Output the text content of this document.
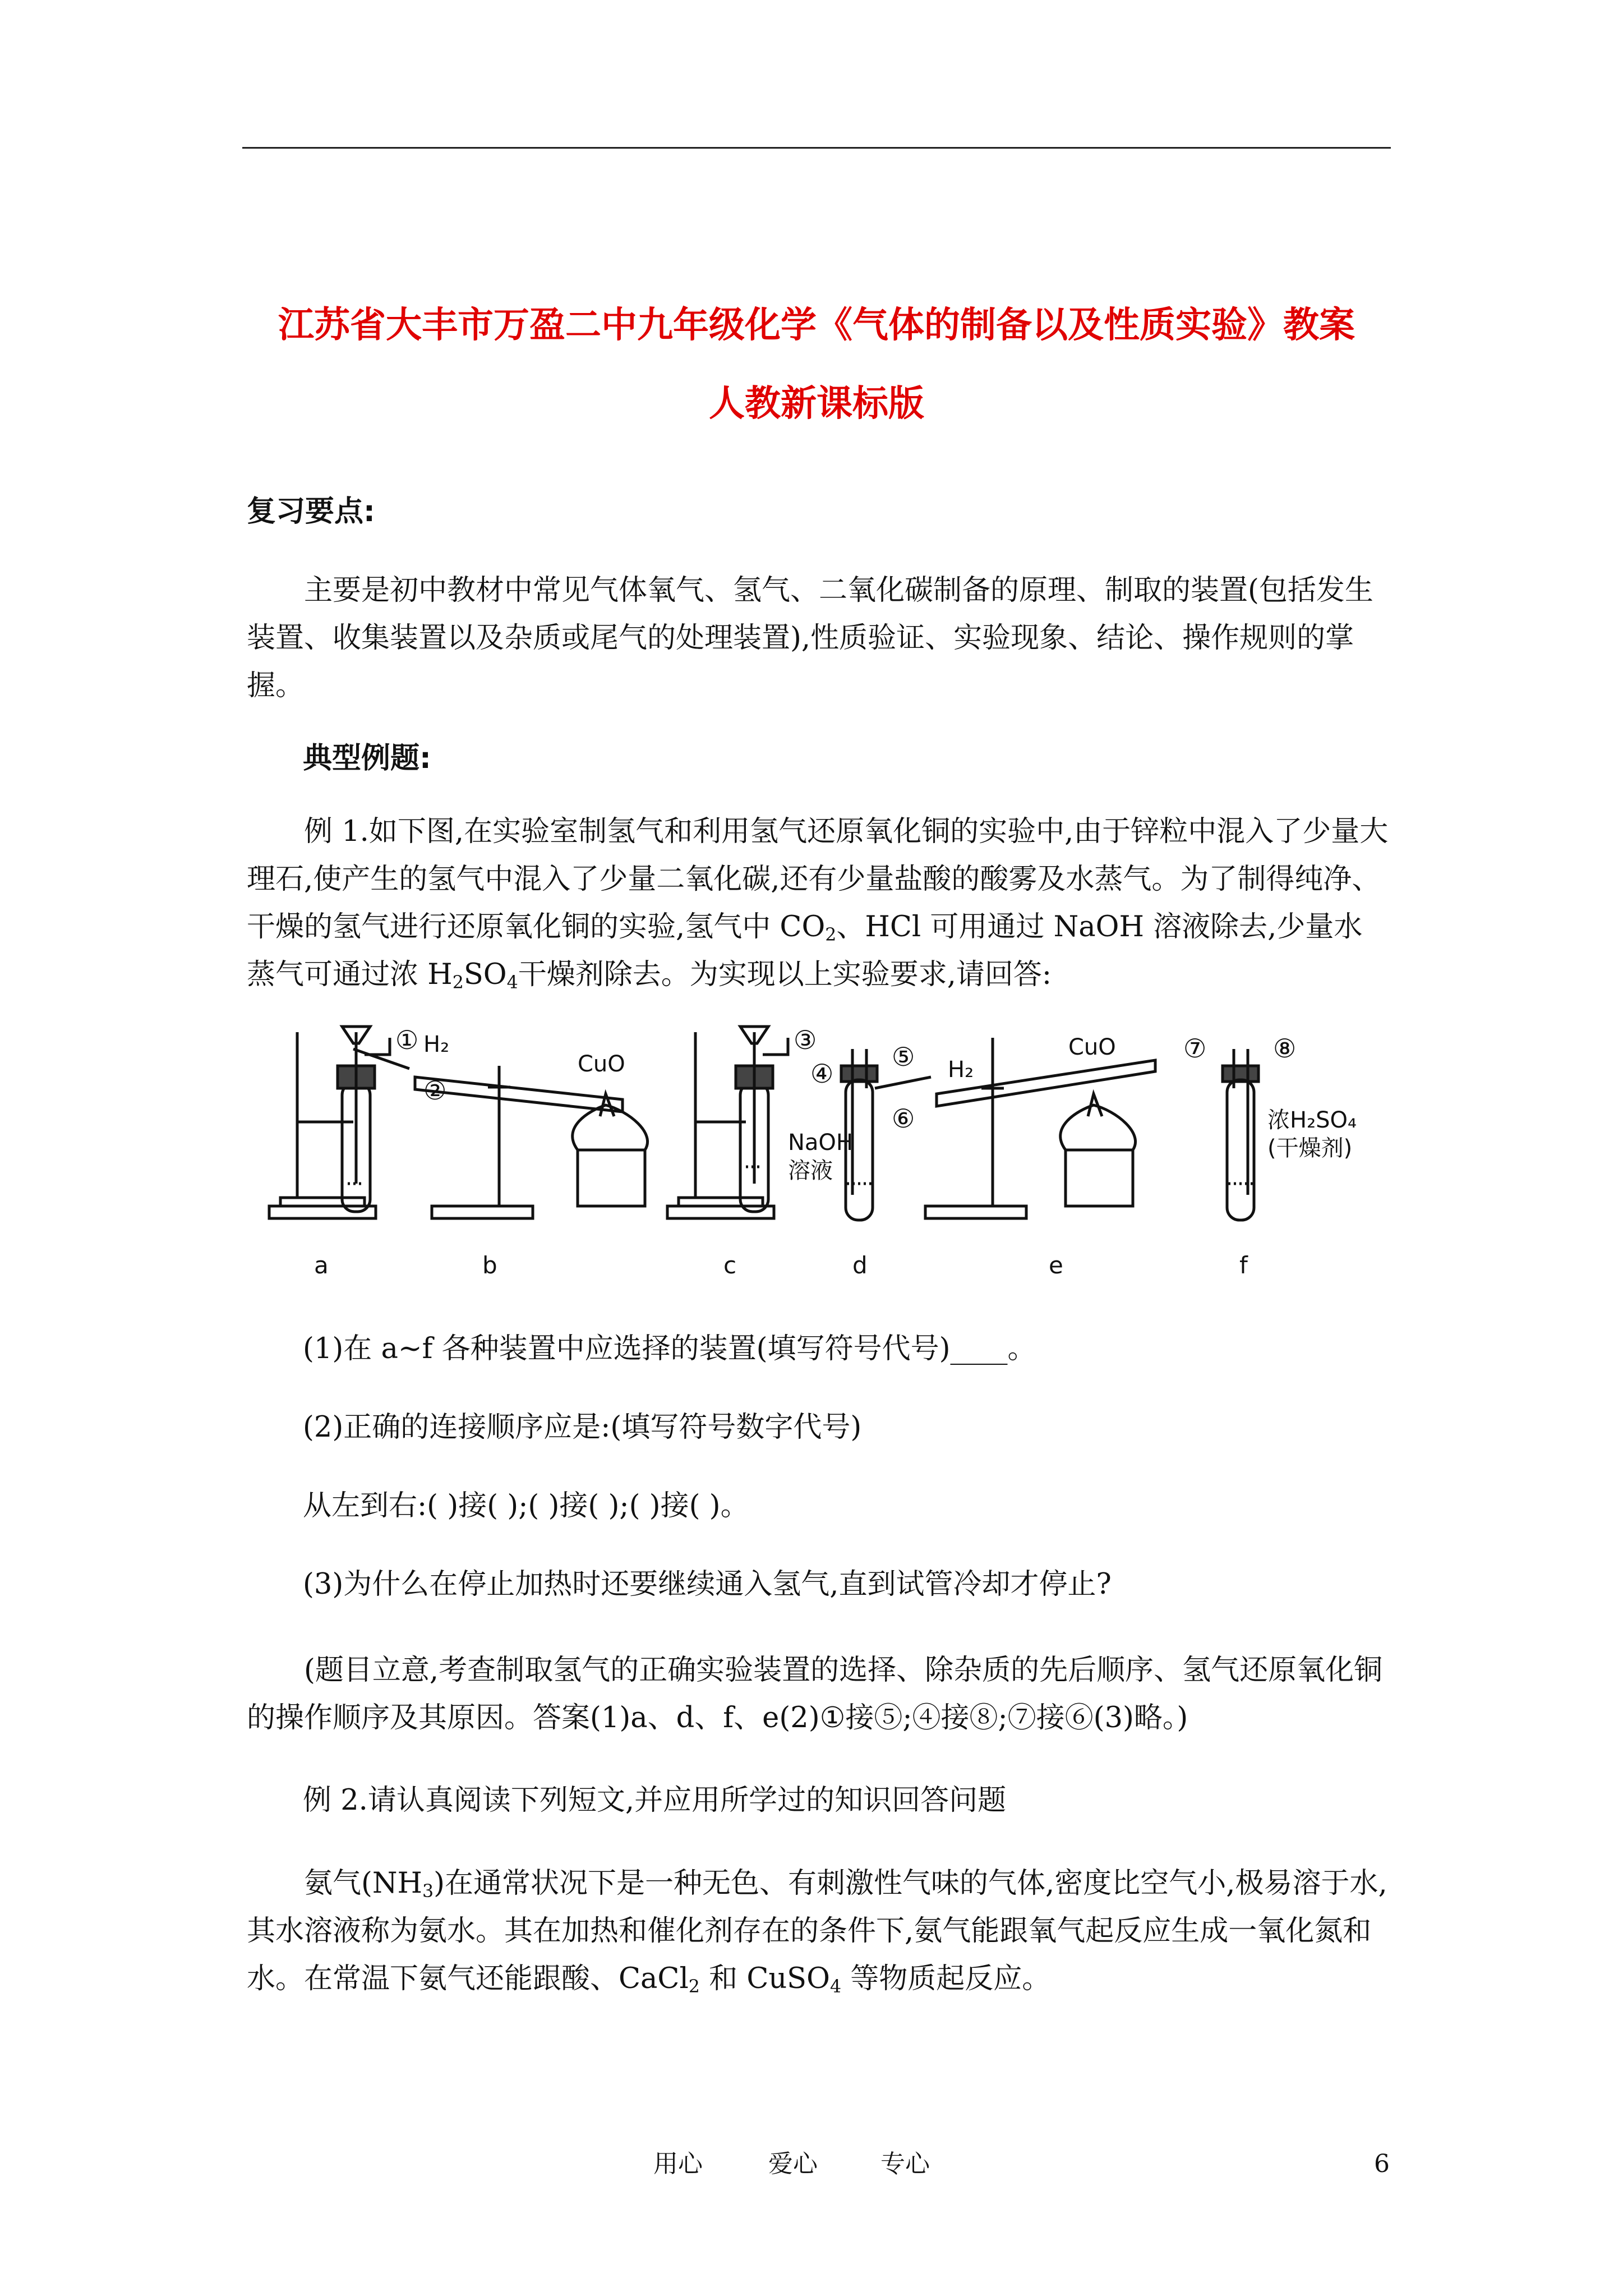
江苏省大丰市万盈二中九年级化学《气体的制备以及性质实验》教案
人教新课标版
复习要点:

主要是初中教材中常见气体氧气、氢气、二氧化碳制备的原理、制取的装置(包括发生装置、收集装置以及杂质或尾气的处理装置),性质验证、实验现象、结论、操作规则的掌握。

典型例题:

例 1.如下图,在实验室制氢气和利用氢气还原氧化铜的实验中,由于锌粒中混入了少量大理石,使产生的氢气中混入了少量二氧化碳,还有少量盐酸的酸雾及水蒸气。为了制得纯净、干燥的氢气进行还原氧化铜的实验,氢气中 $CO_2$、HCl 可用通过 NaOH 溶液除去,少量水蒸气可通过浓 $H_2SO_4$干燥剂除去。为实现以上实验要求,请回答:

a	b	c	d	e	f
①
②
③
④
⑤
⑥
⑦	⑧
H₂
CuO	H₂
CuO
NaOH
溶液
浓H₂SO₄
(干燥剂)
(1)在 a~f 各种装置中应选择的装置(填写符号代号)____。
(2)正确的连接顺序应是:(填写符号数字代号)
从左到右:( )接( );( )接( );( )接( )。
(3)为什么在停止加热时还要继续通入氢气,直到试管冷却才停止?

(题目立意,考查制取氢气的正确实验装置的选择、除杂质的先后顺序、氢气还原氧化铜的操作顺序及其原因。答案(1)a、d、f、e(2)①接⑤;④接⑧;⑦接⑥(3)略。)

例 2.请认真阅读下列短文,并应用所学过的知识回答问题

氨气$(NH_3)$在通常状况下是一种无色、有刺激性气味的气体,密度比空气小,极易溶于水,其水溶液称为氨水。其在加热和催化剂存在的条件下,氨气能跟氧气起反应生成一氧化氮和水。在常温下氨气还能跟酸、CaCl$_2$ 和 CuSO$_4$ 等物质起反应。

用心	爱心	专心	6
